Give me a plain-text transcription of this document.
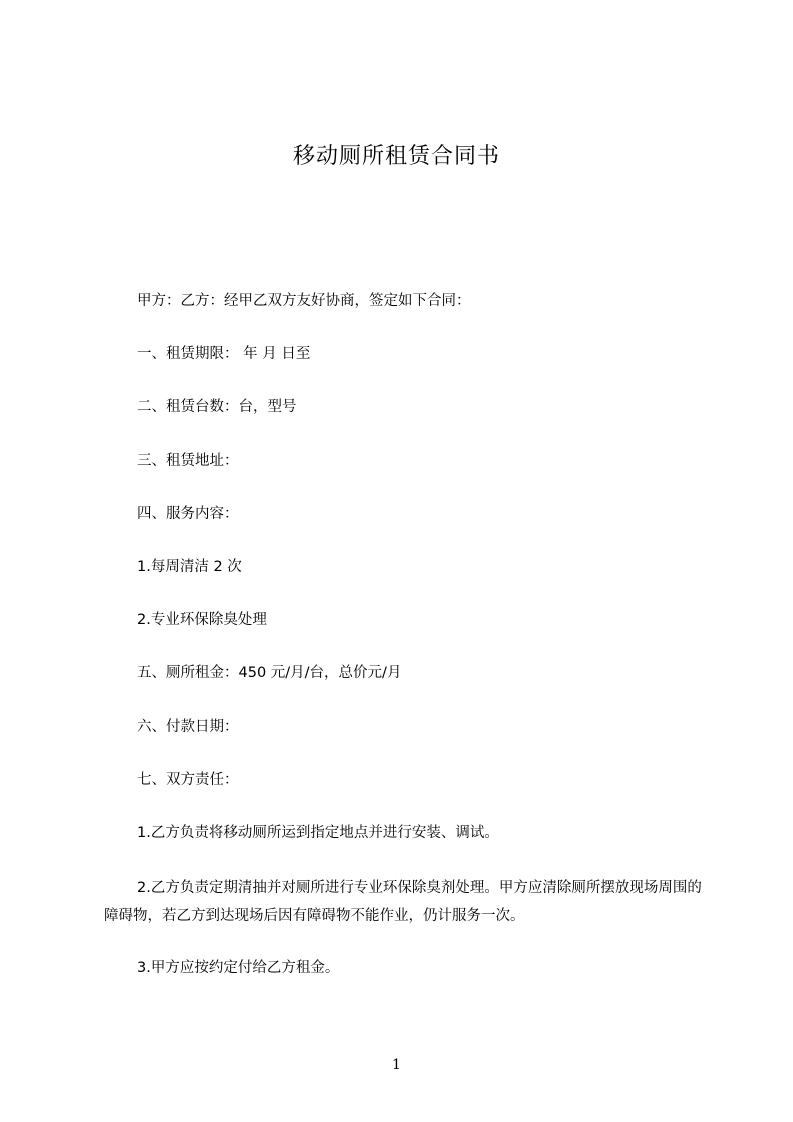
移动厕所租赁合同书
甲方：乙方：经甲乙双方友好协商，签定如下合同：
一、租赁期限： 年 月 日至
二、租赁台数：台，型号
三、租赁地址：
四、服务内容：
1.每周清洁 2 次
2.专业环保除臭处理
五、厕所租金：450 元/月/台，总价元/月
六、付款日期：
七、双方责任：
1.乙方负责将移动厕所运到指定地点并进行安装、调试。
2.乙方负责定期清抽并对厕所进行专业环保除臭剂处理。甲方应清除厕所摆放现场周围的障碍物，若乙方到达现场后因有障碍物不能作业，仍计服务一次。
3.甲方应按约定付给乙方租金。
1
